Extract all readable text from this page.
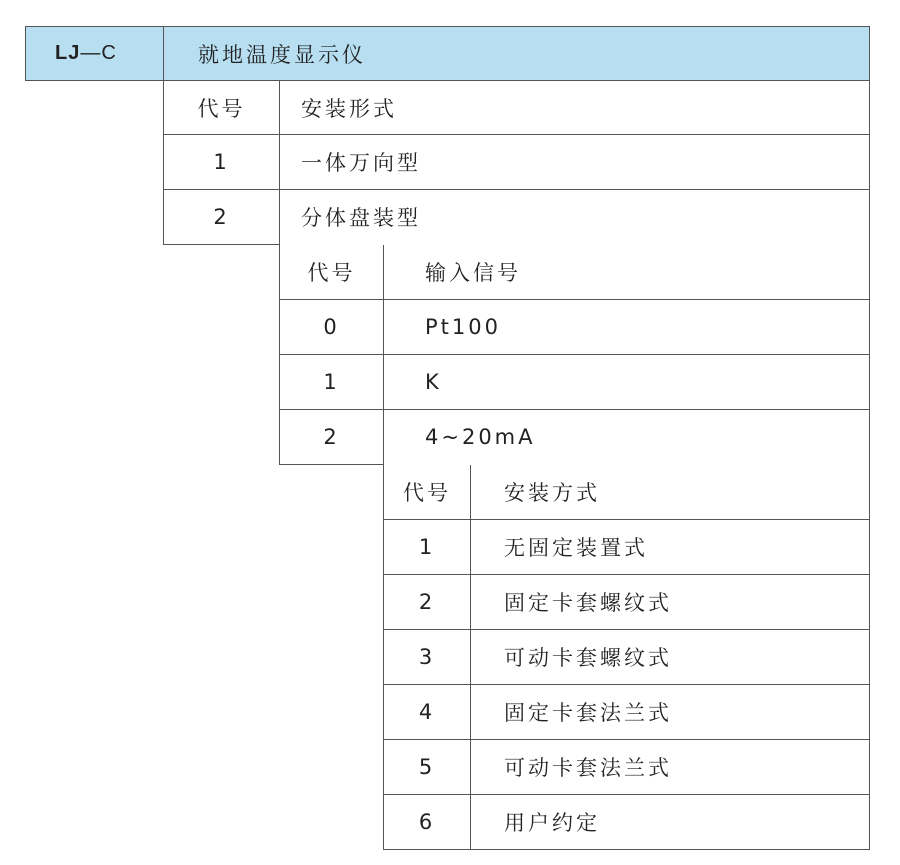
LJ —C	就地温度显示仪
代号	安装形式
1	一体万向型
2	分体盘装型
代号	输入信号
0	Pt100
1	K
2	4~20mA
代号	安装方式
1	无固定装置式
2	固定卡套螺纹式
3	可动卡套螺纹式
4	固定卡套法兰式
5	可动卡套法兰式
6	用户约定
